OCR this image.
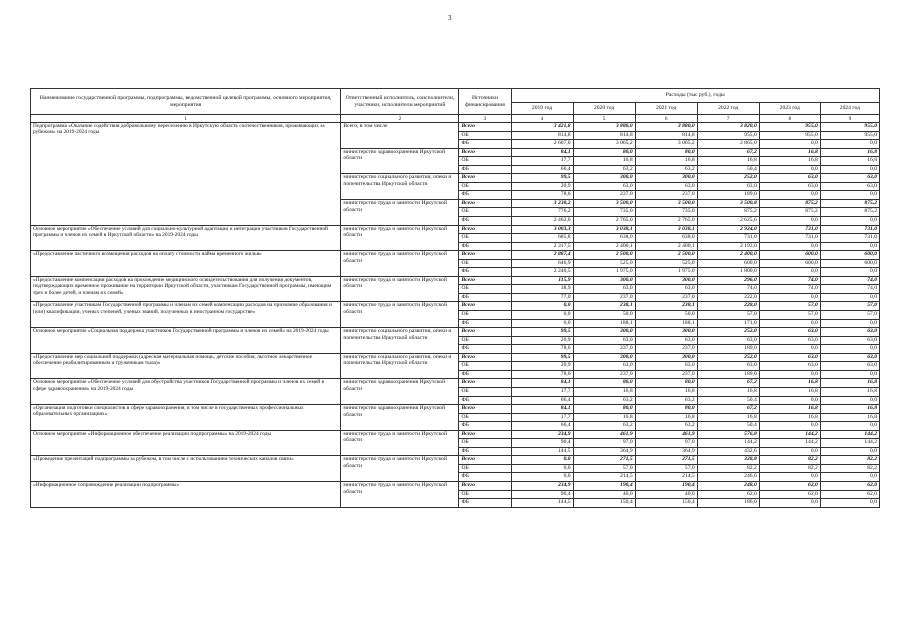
3
Наименование государственной программы, подпрограммы, ведомственной целевой программы, основного мероприятия, мероприятия	Ответственный исполнитель, соисполнители, участники, исполнители мероприятий	Источники финансирования	Расходы (тыс руб.), годы					
			2019 год	2020 год	2021 год	2022 год	2023 год	2024 год
1	2	3	4	5	6	7	8	9
Подпрограмма «Оказание содействия добровольному переселению в Иркутскую область соотечественников, проживающих за рубежом» на 2019-2024 годы	Всего, в том числе	Всего	3 421,8	3 880,0	3 880,0	3 820,0	955,0	955,0
		ОБ	814,8	814,8	814,8	955,0	955,0	955,0
		ФБ	2 607,0	3 065,2	3 065,2	2 865,0	0,0	0,0
	министерство здравоохранения Иркутской области	Всего	84,1	80,0	80,0	67,2	16,8	16,8
		ОБ	17,7	16,8	16,8	16,8	16,8	16,8
		ФБ	66,4	63,2	63,2	50,4	0,0	0,0
	министерство социального развития, опеки и попечительства Иркутской области	Всего	99,5	300,0	300,0	252,0	63,0	63,0
		ОБ	20,9	63,0	63,0	63,0	63,0	63,0
		ФБ	78,6	237,0	237,0	189,0	0,0	0,0
	министерство труда и занятости Иркутской области	Всего	3 238,2	3 500,0	3 500,0	3 500,8	875,2	875,2
		ОБ	776,2	735,0	735,0	875,2	875,2	875,2
		ФБ	2 462,0	2 765,0	2 765,0	2 625,6	0,0	0,0
Основное мероприятие «Обеспечение условий для социально-культурной адаптации и интеграции участников Государственной программы и членов их семей в Иркутской области» на 2019-2024 годы	министерство труда и занятости Иркутской области	Всего	3 003,3	3 038,1	3 038,1	2 924,0	731,0	731,0
		ОБ	685,8	638,0	638,0	731,0	731,0	731,0
		ФБ	2 317,5	2 400,1	2 400,1	2 193,0	0,0	0,0
«Предоставление частичного возмещения расходов на оплату стоимости найма временного жилья»	министерство труда и занятости Иркутской области	Всего	2 887,4	2 500,0	2 500,0	2 400,0	600,0	600,0
		ОБ	646,9	525,0	525,0	600,0	600,0	600,0
		ФБ	2 240,5	1 975,0	1 975,0	1 800,0	0,0	0,0
«Предоставление компенсации расходов на прохождение медицинского освидетельствования для получения документов, подтверждающих временное проживание на территории Иркутской области, участникам Государственной программы, имеющим трех и более детей, и членам их семей»	министерство труда и занятости Иркутской области	Всего	115,9	300,0	300,0	296,0	74,0	74,0
		ОБ	38,9	63,0	63,0	74,0	74,0	74,0
		ФБ	77,0	237,0	237,0	222,0	0,0	0,0
«Предоставление участникам Государственной программы и членам их семей компенсации расходов на признание образования и (или) квалификации, ученых степеней, ученых званий, полученных в иностранном государстве»	министерство труда и занятости Иркутской области	Всего	0,0	238,1	238,1	228,0	57,0	57,0
		ОБ	0,0	50,0	50,0	57,0	57,0	57,0
		ФБ	0,0	188,1	188,1	171,0	0,0	0,0
Основное мероприятие «Социальная поддержка участников Государственной программы и членов их семей» на 2019-2024 годы	министерство социального развития, опеки и попечительства Иркутской области	Всего	99,5	300,0	300,0	252,0	63,0	63,0
		ОБ	20,9	63,0	63,0	63,0	63,0	63,0
		ФБ	78,6	237,0	237,0	189,0	0,0	0,0
«Предоставление мер социальной поддержки (адресная материальная помощь, детские пособия, льготное лекарственное обеспечение реабилитированным и труженикам тыла)»	министерство социального развития, опеки и попечительства Иркутской области	Всего	99,5	300,0	300,0	252,0	63,0	63,0
		ОБ	20,9	63,0	63,0	63,0	63,0	63,0
		ФБ	78,6	237,0	237,0	189,0	0,0	0,0
Основное мероприятие «Обеспечение условий для обустройства участников Государственной программы и членов их семей в сфере здравоохранения» на 2019-2024 годы	министерство здравоохранения Иркутской области	Всего	84,1	80,0	80,0	67,2	16,8	16,8
		ОБ	17,7	16,8	16,8	16,8	16,8	16,8
		ФБ	66,4	63,2	63,2	50,4	0,0	0,0
«Организация подготовки специалистов в сфере здравоохранения, в том числе в государственных профессиональных образовательных организациях»	министерство здравоохранения Иркутской области	Всего	84,1	80,0	80,0	67,2	16,8	16,8
		ОБ	17,7	16,8	16,8	16,8	16,8	16,8
		ФБ	66,4	63,2	63,2	50,4	0,0	0,0
Основное мероприятие «Информационное обеспечение реализации подпрограммы» на 2019-2024 годы	министерство труда и занятости Иркутской области	Всего	234,9	461,9	461,9	576,8	144,2	144,2
		ОБ	90,4	97,0	97,0	144,2	144,2	144,2
		ФБ	144,5	364,9	364,9	432,6	0,0	0,0
«Проведение презентаций подпрограммы за рубежом, в том числе с использованием технических каналов связи»	министерство труда и занятости Иркутской области	Всего	0,0	271,5	271,5	328,8	82,2	82,2
		ОБ	0,0	57,0	57,0	82,2	82,2	82,2
		ФБ	0,0	214,5	214,5	246,6	0,0	0,0
«Информационное сопровождение реализации подпрограммы»	министерство труда и занятости Иркутской области	Всего	234,9	190,4	190,4	248,0	62,0	62,0
		ОБ	90,4	40,0	40,0	62,0	62,0	62,0
		ФБ	144,5	150,4	150,4	186,0	0,0	0,0
